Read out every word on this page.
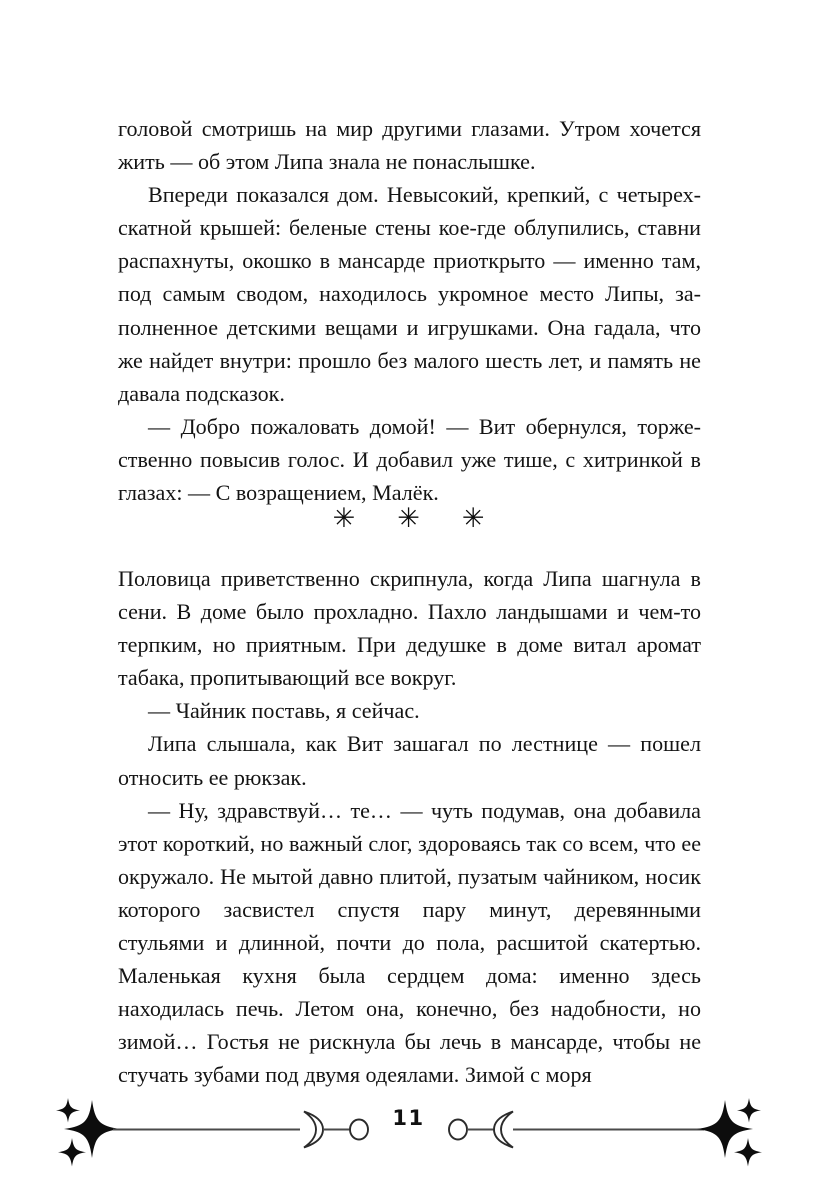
головой смотришь на мир другими глазами. Утром хочется жить — об этом Липа знала не понаслышке.

Впереди показался дом. Невысокий, крепкий, с четырехскатной крышей: беленые стены кое-где облупились, ставни распахнуты, окошко в мансарде приоткрыто — именно там, под самым сводом, находилось укромное место Липы, заполненное детскими вещами и игрушками. Она гадала, что же найдет внутри: прошло без малого шесть лет, и память не давала подсказок.

— Добро пожаловать домой! — Вит обернулся, торжественно повысив голос. И добавил уже тише, с хитринкой в глазах: — С возращением, Малёк.

✳ ✳ ✳

Половица приветственно скрипнула, когда Липа шагнула в сени. В доме было прохладно. Пахло ландышами и чем-то терпким, но приятным. При дедушке в доме витал аромат табака, пропитывающий все вокруг.

— Чайник поставь, я сейчас.

Липа слышала, как Вит зашагал по лестнице — пошел относить ее рюкзак.

— Ну, здравствуй… те… — чуть подумав, она добавила этот короткий, но важный слог, здороваясь так со всем, что ее окружало. Не мытой давно плитой, пузатым чайником, носик которого засвистел спустя пару минут, деревянными стульями и длинной, почти до пола, расшитой скатертью. Маленькая кухня была сердцем дома: именно здесь находилась печь. Летом она, конечно, без надобности, но зимой… Гостья не рискнула бы лечь в мансарде, чтобы не стучать зубами под двумя одеялами. Зимой с моря

11
